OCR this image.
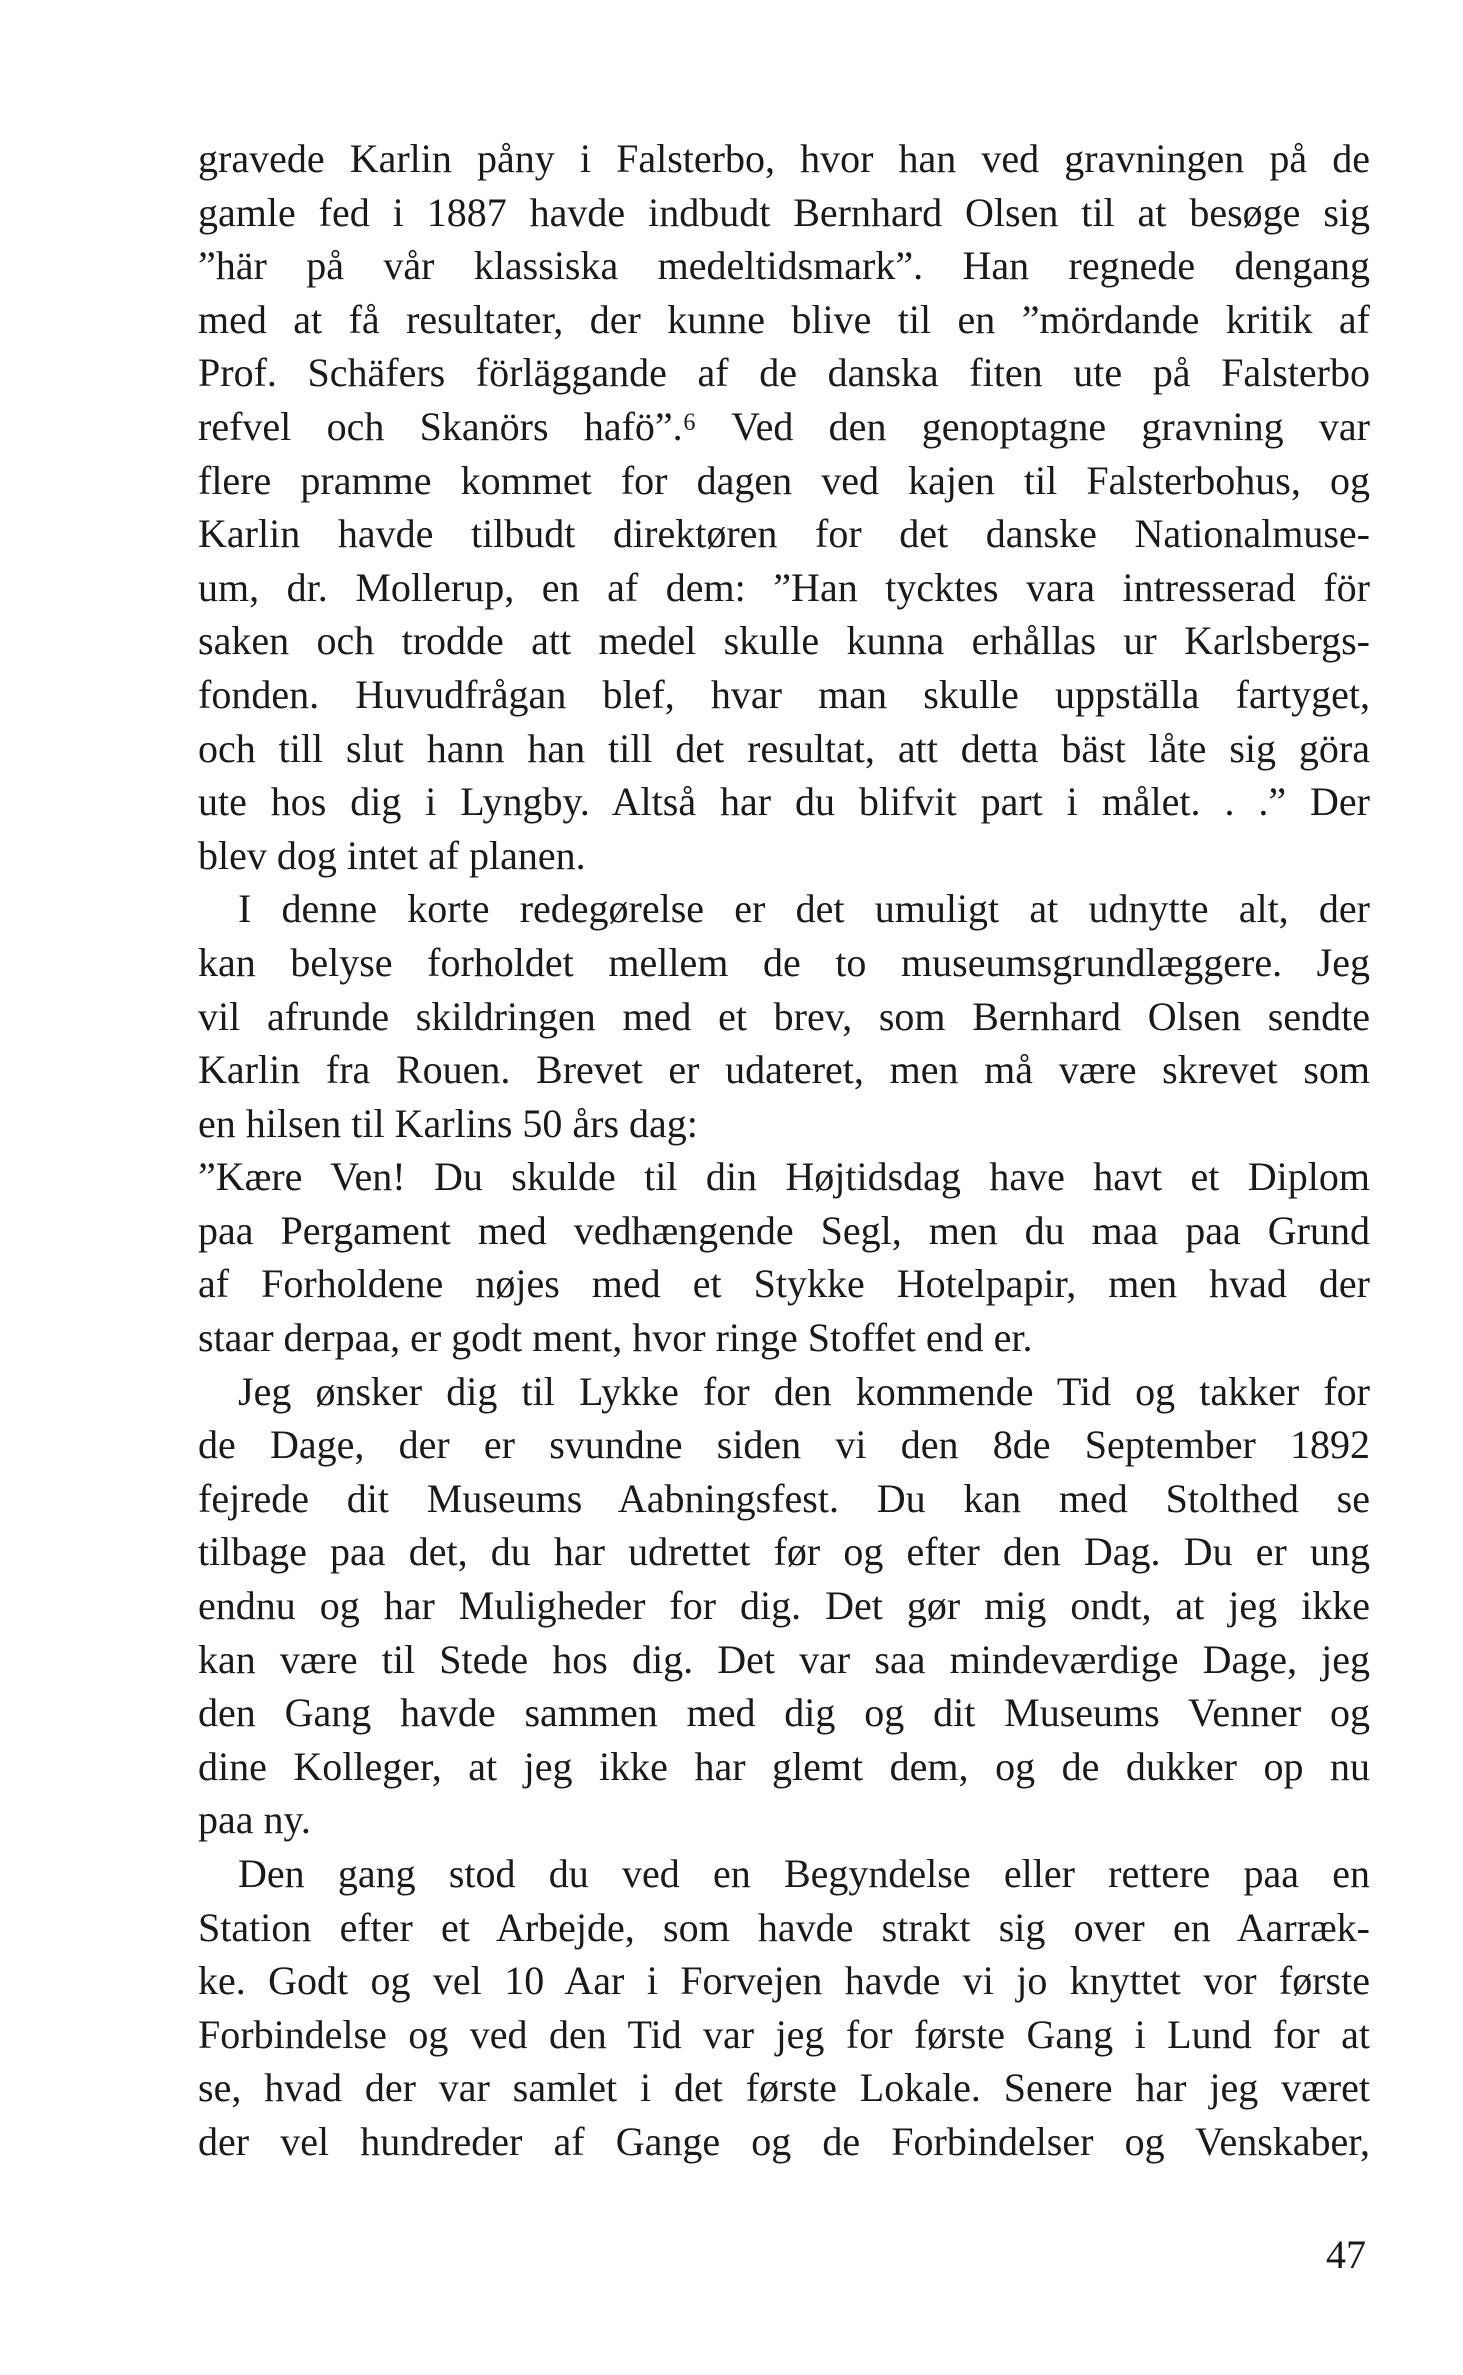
gravede Karlin påny i Falsterbo, hvor han ved gravningen på de
gamle fed i 1887 havde indbudt Bernhard Olsen til at besøge sig
”här på vår klassiska medeltidsmark”. Han regnede dengang
med at få resultater, der kunne blive til en ”mördande kritik af
Prof. Schäfers förläggande af de danska fiten ute på Falsterbo
refvel och Skanörs hafö”.⁶ Ved den genoptagne gravning var
flere pramme kommet for dagen ved kajen til Falsterbohus, og
Karlin havde tilbudt direktøren for det danske Nationalmuse-
um, dr. Mollerup, en af dem: ”Han tycktes vara intresserad för
saken och trodde att medel skulle kunna erhållas ur Karlsbergs-
fonden. Huvudfrågan blef, hvar man skulle uppställa fartyget,
och till slut hann han till det resultat, att detta bäst låte sig göra
ute hos dig i Lyngby. Altså har du blifvit part i målet. . .” Der
blev dog intet af planen.
I denne korte redegørelse er det umuligt at udnytte alt, der
kan belyse forholdet mellem de to museumsgrundlæggere. Jeg
vil afrunde skildringen med et brev, som Bernhard Olsen sendte
Karlin fra Rouen. Brevet er udateret, men må være skrevet som
en hilsen til Karlins 50 års dag:
”Kære Ven! Du skulde til din Højtidsdag have havt et Diplom
paa Pergament med vedhængende Segl, men du maa paa Grund
af Forholdene nøjes med et Stykke Hotelpapir, men hvad der
staar derpaa, er godt ment, hvor ringe Stoffet end er.
Jeg ønsker dig til Lykke for den kommende Tid og takker for
de Dage, der er svundne siden vi den 8de September 1892
fejrede dit Museums Aabningsfest. Du kan med Stolthed se
tilbage paa det, du har udrettet før og efter den Dag. Du er ung
endnu og har Muligheder for dig. Det gør mig ondt, at jeg ikke
kan være til Stede hos dig. Det var saa mindeværdige Dage, jeg
den Gang havde sammen med dig og dit Museums Venner og
dine Kolleger, at jeg ikke har glemt dem, og de dukker op nu
paa ny.
Den gang stod du ved en Begyndelse eller rettere paa en
Station efter et Arbejde, som havde strakt sig over en Aarræk-
ke. Godt og vel 10 Aar i Forvejen havde vi jo knyttet vor første
Forbindelse og ved den Tid var jeg for første Gang i Lund for at
se, hvad der var samlet i det første Lokale. Senere har jeg været
der vel hundreder af Gange og de Forbindelser og Venskaber,
47
